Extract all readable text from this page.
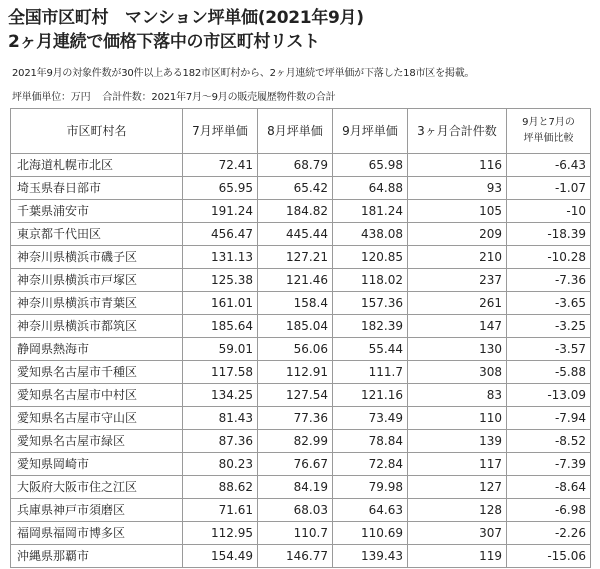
全国市区町村　マンション坪単価(2021年9月)
2ヶ月連続で価格下落中の市区町村リスト
2021年9月の対象件数が30件以上ある182市区町村から、2ヶ月連続で坪単価が下落した18市区を掲載。
坪単価単位：万円 合計件数：2021年7月～9月の販売履歴物件数の合計
市区町村名	7月坪単価	8月坪単価	9月坪単価	3ヶ月合計件数	9月と7月の
坪単価比較

北海道札幌市北区	72.41	68.79	65.98	116	-6.43
埼玉県春日部市	65.95	65.42	64.88	93	-1.07
千葉県浦安市	191.24	184.82	181.24	105	-10
東京都千代田区	456.47	445.44	438.08	209	-18.39
神奈川県横浜市磯子区	131.13	127.21	120.85	210	-10.28
神奈川県横浜市戸塚区	125.38	121.46	118.02	237	-7.36
神奈川県横浜市青葉区	161.01	158.4	157.36	261	-3.65
神奈川県横浜市都筑区	185.64	185.04	182.39	147	-3.25
静岡県熱海市	59.01	56.06	55.44	130	-3.57
愛知県名古屋市千種区	117.58	112.91	111.7	308	-5.88
愛知県名古屋市中村区	134.25	127.54	121.16	83	-13.09
愛知県名古屋市守山区	81.43	77.36	73.49	110	-7.94
愛知県名古屋市緑区	87.36	82.99	78.84	139	-8.52
愛知県岡崎市	80.23	76.67	72.84	117	-7.39
大阪府大阪市住之江区	88.62	84.19	79.98	127	-8.64
兵庫県神戸市須磨区	71.61	68.03	64.63	128	-6.98
福岡県福岡市博多区	112.95	110.7	110.69	307	-2.26
沖縄県那覇市	154.49	146.77	139.43	119	-15.06
